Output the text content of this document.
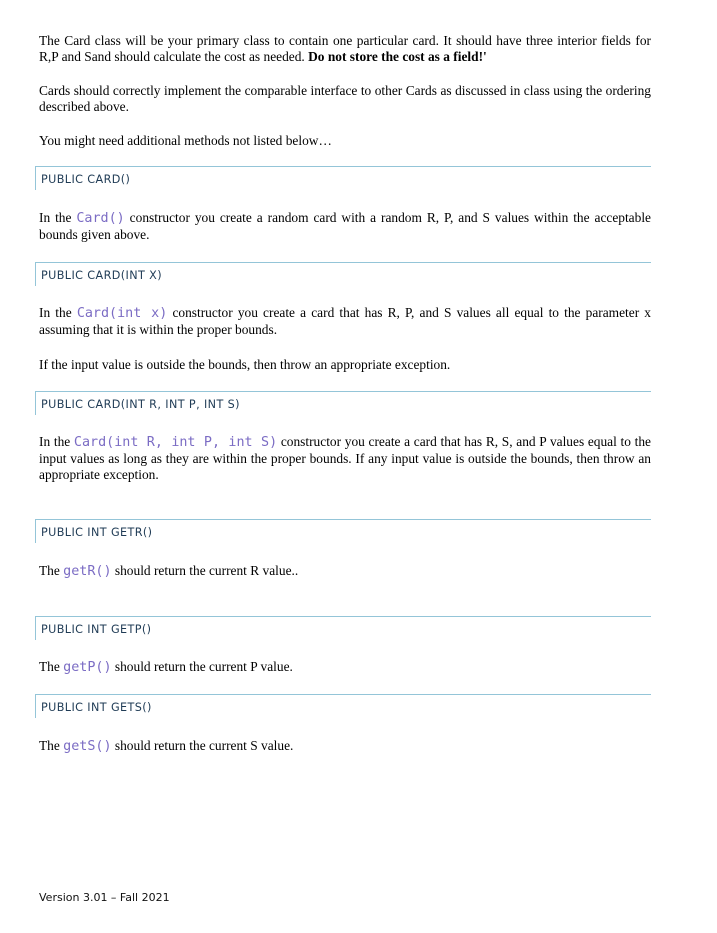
The Card class will be your primary class to contain one particular card. It should have three interior fields for R,P and Sand should calculate the cost as needed. Do not store the cost as a field!'

Cards should correctly implement the comparable interface to other Cards as discussed in class using the ordering described above.

You might need additional methods not listed below…

PUBLIC CARD()

In the Card() constructor you create a random card with a random R, P, and S values within the acceptable bounds given above.

PUBLIC CARD(INT X)

In the Card(int x) constructor you create a card that has R, P, and S values all equal to the parameter x assuming that it is within the proper bounds.

If the input value is outside the bounds, then throw an appropriate exception.

PUBLIC CARD(INT R, INT P, INT S)

In the Card(int R, int P, int S) constructor you create a card that has R, S, and P values equal to the input values as long as they are within the proper bounds. If any input value is outside the bounds, then throw an appropriate exception.

PUBLIC INT GETR()

The getR() should return the current R value..

PUBLIC INT GETP()

The getP() should return the current P value.

PUBLIC INT GETS()

The getS() should return the current S value.

Version 3.01 – Fall 2021
